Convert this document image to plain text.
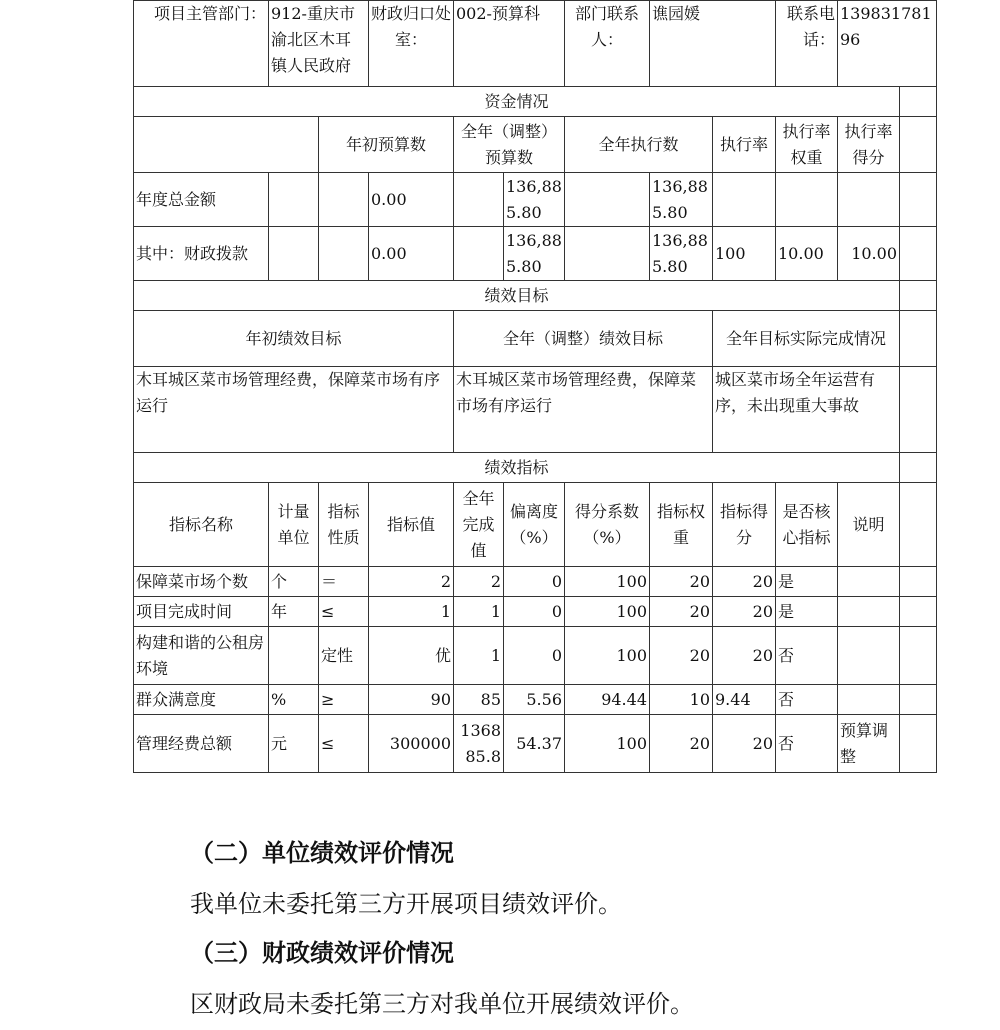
项目主管部门：	912-重庆市渝北区木耳镇人民政府		财政归口处室：	002-预算科		部门联系人：	谯园媛		联系电话：	13983178196	
资金情况											
		年初预算数		全年（调整）预算数		全年执行数		执行率	执行率权重	执行率得分	
年度总金额			0.00		136,885.80		136,885.80				
其中：财政拨款			0.00		136,885.80		136,885.80	100	10.00	10.00	
绩效目标											
年初绩效目标				全年（调整）绩效目标				全年目标实际完成情况			
木耳城区菜市场管理经费，保障菜市场有序运行				木耳城区菜市场管理经费，保障菜市场有序运行				城区菜市场全年运营有序，未出现重大事故			
绩效指标											
指标名称	计量单位	指标性质	指标值	全年完成值	偏离度（%）	得分系数（%）	指标权重	指标得分	是否核心指标	说明	
保障菜市场个数	个	＝	2	2	0	100	20	20	是		
项目完成时间	年	≤	1	1	0	100	20	20	是		
构建和谐的公租房环境		定性	优	1	0	100	20	20	否		
群众满意度	%	≥	90	85	5.56	94.44	10	9.44	否		
管理经费总额	元	≤	300000	136885.8	54.37	100	20	20	否	预算调整	
（二）单位绩效评价情况
我单位未委托第三方开展项目绩效评价。
（三）财政绩效评价情况
区财政局未委托第三方对我单位开展绩效评价。
